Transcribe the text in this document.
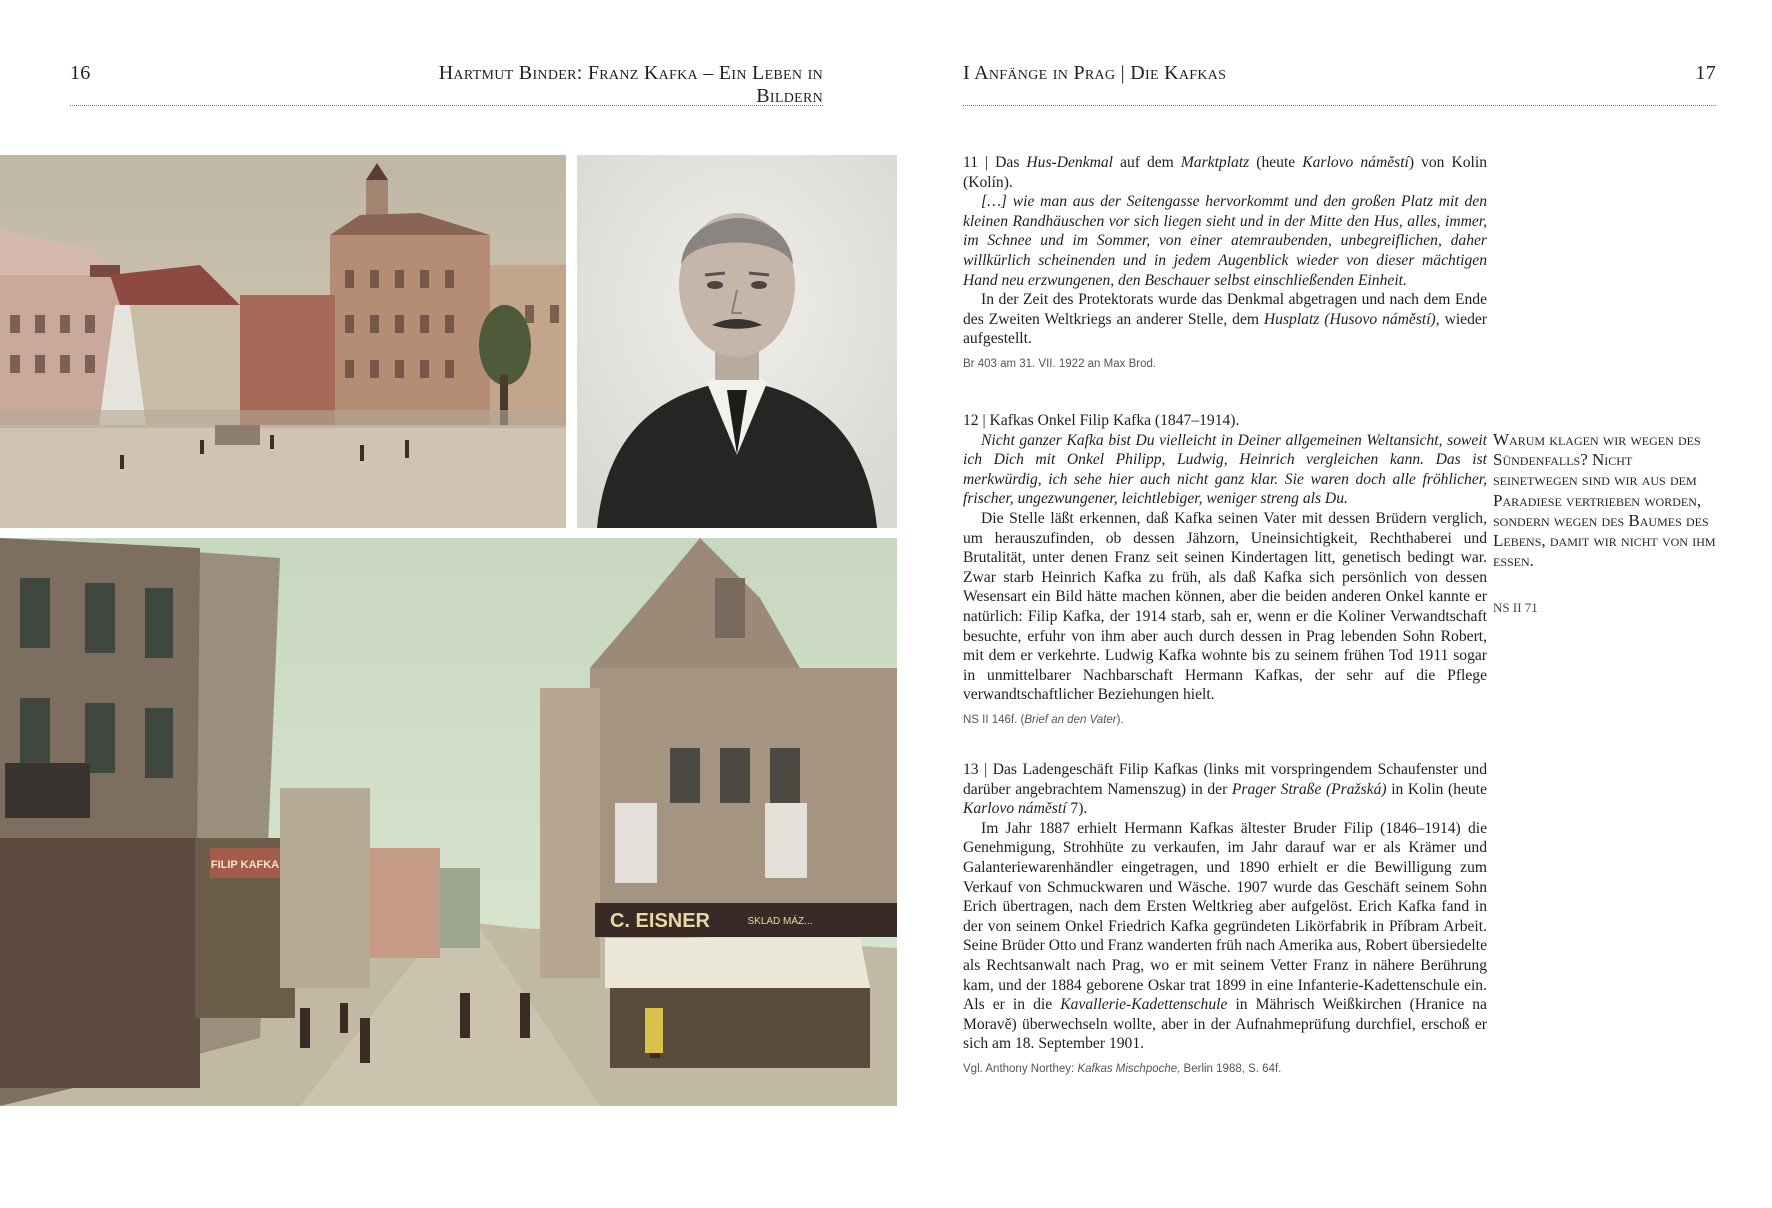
16	Hartmut Binder: Franz Kafka – Ein Leben in Bildern
I Anfänge in Prag | Die Kafkas	17
FILIP KAFKA
C. EISNER	SKLAD MÁZ...

11 | Das Hus-Denkmal auf dem Marktplatz (heute Karlovo náměstí) von Kolin (Kolín).

[…] wie man aus der Seitengasse hervorkommt und den großen Platz mit den kleinen Randhäuschen vor sich liegen sieht und in der Mitte den Hus, alles, immer, im Schnee und im Sommer, von einer atemraubenden, unbegreiflichen, daher willkürlich scheinenden und in jedem Augenblick wieder von dieser mächtigen Hand neu erzwungenen, den Beschauer selbst einschließenden Einheit.

In der Zeit des Protektorats wurde das Denkmal abgetragen und nach dem Ende des Zweiten Weltkriegs an anderer Stelle, dem Husplatz (Husovo náměstí), wieder aufgestellt.

Br 403 am 31. VII. 1922 an Max Brod.

12 | Kafkas Onkel Filip Kafka (1847–1914).

Nicht ganzer Kafka bist Du vielleicht in Deiner allgemeinen Weltansicht, soweit ich Dich mit Onkel Philipp, Ludwig, Heinrich vergleichen kann. Das ist merkwürdig, ich sehe hier auch nicht ganz klar. Sie waren doch alle fröhlicher, frischer, ungezwungener, leichtlebiger, weniger streng als Du.

Die Stelle läßt erkennen, daß Kafka seinen Vater mit dessen Brüdern verglich, um herauszufinden, ob dessen Jähzorn, Uneinsichtigkeit, Rechthaberei und Brutalität, unter denen Franz seit seinen Kindertagen litt, genetisch bedingt war. Zwar starb Heinrich Kafka zu früh, als daß Kafka sich persönlich von dessen Wesensart ein Bild hätte machen können, aber die beiden anderen Onkel kannte er natürlich: Filip Kafka, der 1914 starb, sah er, wenn er die Koliner Verwandtschaft besuchte, erfuhr von ihm aber auch durch dessen in Prag lebenden Sohn Robert, mit dem er verkehrte. Ludwig Kafka wohnte bis zu seinem frühen Tod 1911 sogar in unmittelbarer Nachbarschaft Hermann Kafkas, der sehr auf die Pflege verwandtschaftlicher Beziehungen hielt.

NS II 146f. (Brief an den Vater).

13 | Das Ladengeschäft Filip Kafkas (links mit vorspringendem Schaufenster und darüber angebrachtem Namenszug) in der Prager Straße (Pražská) in Kolin (heute Karlovo náměstí 7).

Im Jahr 1887 erhielt Hermann Kafkas ältester Bruder Filip (1846–1914) die Genehmigung, Strohhüte zu verkaufen, im Jahr darauf war er als Krämer und Galanteriewarenhändler eingetragen, und 1890 erhielt er die Bewilligung zum Verkauf von Schmuckwaren und Wäsche. 1907 wurde das Geschäft seinem Sohn Erich übertragen, nach dem Ersten Weltkrieg aber aufgelöst. Erich Kafka fand in der von seinem Onkel Friedrich Kafka gegründeten Likörfabrik in Příbram Arbeit. Seine Brüder Otto und Franz wanderten früh nach Amerika aus, Robert übersiedelte als Rechtsanwalt nach Prag, wo er mit seinem Vetter Franz in nähere Berührung kam, und der 1884 geborene Oskar trat 1899 in eine Infanterie-Kadettenschule ein. Als er in die Kavallerie-Kadettenschule in Mährisch Weißkirchen (Hranice na Moravě) überwechseln wollte, aber in der Aufnahmeprüfung durchfiel, erschoß er sich am 18. September 1901.

Vgl. Anthony Northey: Kafkas Mischpoche, Berlin 1988, S. 64f.

Warum klagen wir wegen des Sündenfalls? Nicht seinetwegen sind wir aus dem Paradiese vertrieben worden, sondern wegen des Baumes des Lebens, damit wir nicht von ihm essen.
NS II 71
